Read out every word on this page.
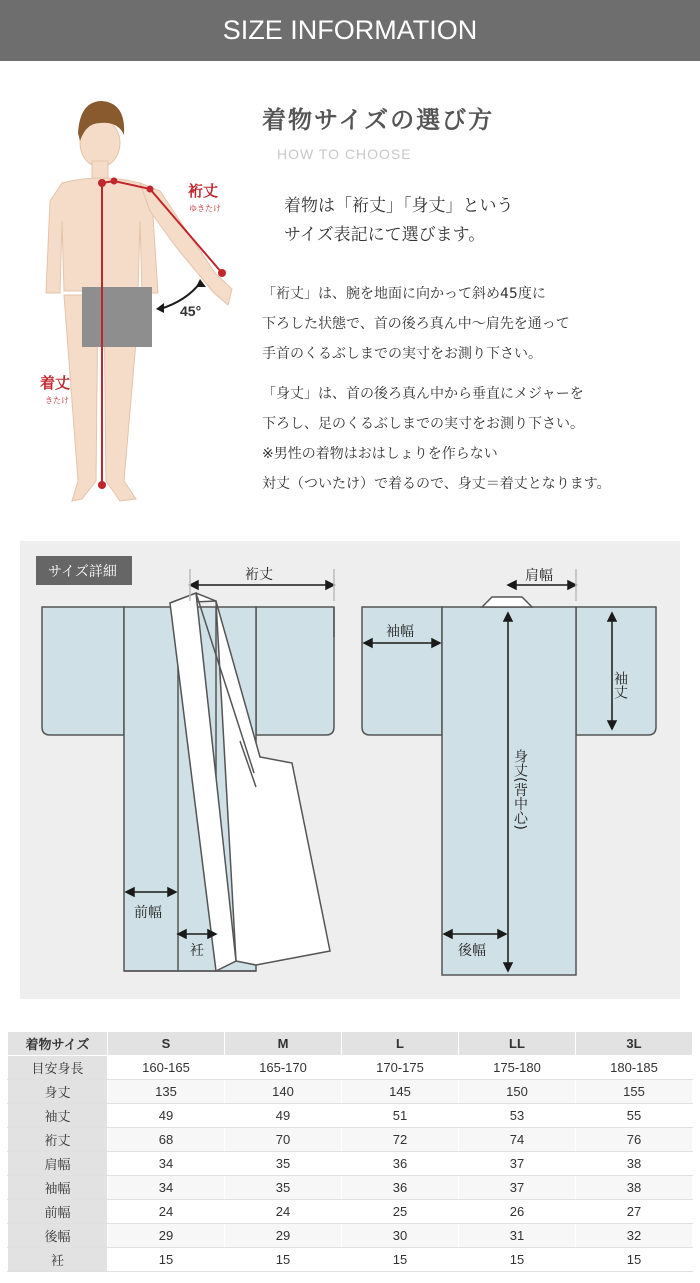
SIZE INFORMATION
45°
裄丈
ゆきたけ
着丈
きたけ
着物サイズの選び方
HOW TO CHOOSE
着物は「裄丈」「身丈」という
サイズ表記にて選びます。
「裄丈」は、腕を地面に向かって斜め45度に
下ろした状態で、首の後ろ真ん中〜肩先を通って
手首のくるぶしまでの実寸をお測り下さい。
「身丈」は、首の後ろ真ん中から垂直にメジャーを
下ろし、足のくるぶしまでの実寸をお測り下さい。
※男性の着物はおはしょりを作らない
対丈（ついたけ）で着るので、身丈＝着丈となります。
サイズ詳細	裄丈	肩幅
袖幅
袖丈
身丈(背中心)
前幅
衽	後幅
着物サイズ	S	M	L	LL	3L
目安身長	160-165	165-170	170-175	175-180	180-185
身丈	135	140	145	150	155
袖丈	49	49	51	53	55
裄丈	68	70	72	74	76
肩幅	34	35	36	37	38
袖幅	34	35	36	37	38
前幅	24	24	25	26	27
後幅	29	29	30	31	32
衽	15	15	15	15	15
